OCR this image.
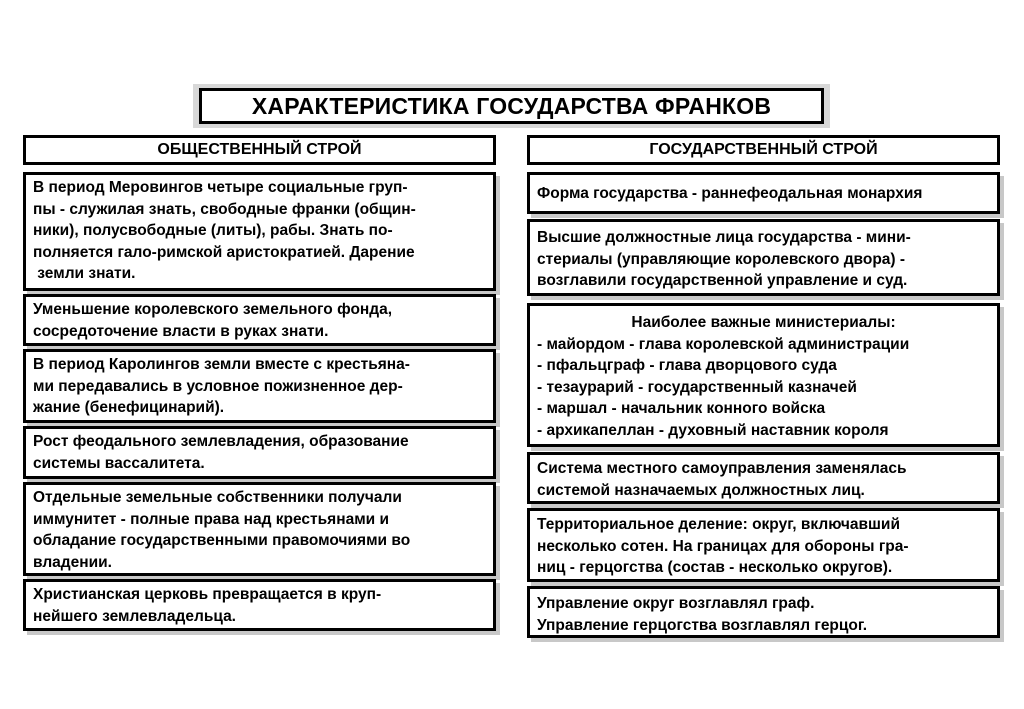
ХАРАКТЕРИСТИКА ГОСУДАРСТВА ФРАНКОВ
ОБЩЕСТВЕННЫЙ СТРОЙ	ГОСУДАРСТВЕННЫЙ СТРОЙ
В период Меровингов четыре социальные груп-
пы - служилая знать, свободные франки (общин-
ники), полусвободные (литы), рабы. Знать по-
полняется гало-римской аристократией. Дарение
земли знати.
Уменьшение королевского земельного фонда,
сосредоточение власти в руках знати.
В период Каролингов земли вместе с крестьяна-
ми передавались в условное пожизненное дер-
жание (бенефицинарий).
Рост феодального землевладения, образование
системы вассалитета.
Отдельные земельные собственники получали
иммунитет - полные права над крестьянами и
обладание государственными правомочиями во
владении.
Христианская церковь превращается в круп-
нейшего землевладельца.
Форма государства - раннефеодальная монархия
Высшие должностные лица государства - мини-
стериалы (управляющие королевского двора) -
возглавили государственной управление и суд.
Наиболее важные министериалы:
- майордом - глава королевской администрации
- пфальцграф - глава дворцового суда
- тезаурарий - государственный казначей
- маршал - начальник конного войска
- архикапеллан - духовный наставник короля
Система местного самоуправления заменялась
системой назначаемых должностных лиц.
Территориальное деление: округ, включавший
несколько сотен. На границах для обороны гра-
ниц - герцогства (состав - несколько округов).
Управление округ возглавлял граф.
Управление герцогства возглавлял герцог.
